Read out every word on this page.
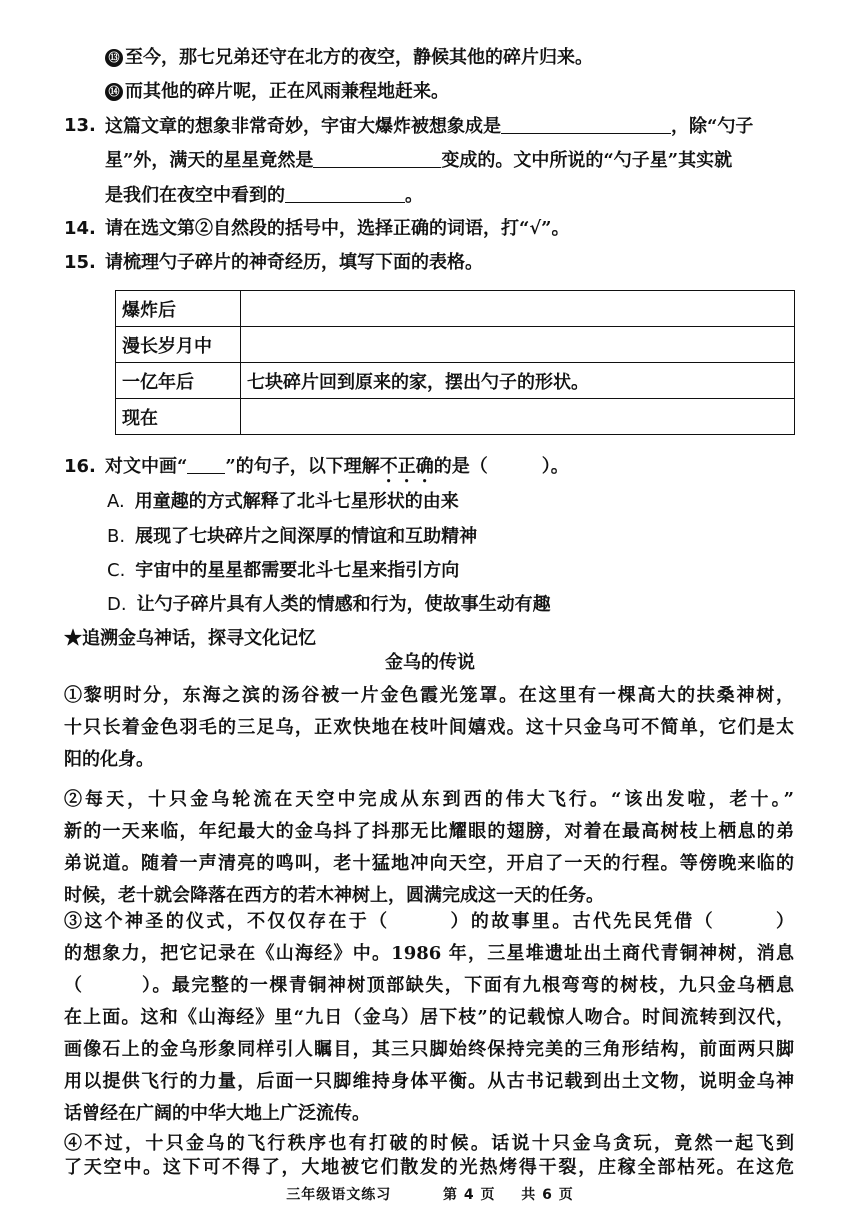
⑬ 至今，那七兄弟还守在北方的夜空，静候其他的碎片归来。
⑭ 而其他的碎片呢，正在风雨兼程地赶来。
13. 这篇文章的想象非常奇妙，宇宙大爆炸被想象成是	，除“勺子
星”外，满天的星星竟然是	变成的。文中所说的“勺子星”其实就
是我们在夜空中看到的	。
14. 请在选文第②自然段的括号中，选择正确的词语，打“√”。
15. 请梳理勺子碎片的神奇经历，填写下面的表格。
爆炸后	
漫长岁月中	
一亿年后	七块碎片回到原来的家，摆出勺子的形状。
现在	
16. 对文中画“ ”的句子，以下理解不正确的是（　　　）。
A. 用童趣的方式解释了北斗七星形状的由来
B. 展现了七块碎片之间深厚的情谊和互助精神
C. 宇宙中的星星都需要北斗七星来指引方向
D. 让勺子碎片具有人类的情感和行为，使故事生动有趣
★追溯金乌神话，探寻文化记忆
金乌的传说
①黎明时分，东海之滨的汤谷被一片金色霞光笼罩。在这里有一棵高大的扶桑神树，
十只长着金色羽毛的三足乌，正欢快地在枝叶间嬉戏。这十只金乌可不简单，它们是太
阳的化身。
②每天，十只金乌轮流在天空中完成从东到西的伟大飞行。“该出发啦，老十。”
新的一天来临，年纪最大的金乌抖了抖那无比耀眼的翅膀，对着在最高树枝上栖息的弟
弟说道。随着一声清亮的鸣叫，老十猛地冲向天空，开启了一天的行程。等傍晚来临的
时候，老十就会降落在西方的若木神树上，圆满完成这一天的任务。
③这个神圣的仪式，不仅仅存在于（　　　）的故事里。古代先民凭借（　　　）
的想象力，把它记录在《山海经》中。1986 年，三星堆遗址出土商代青铜神树，消息
（　　　）。最完整的一棵青铜神树顶部缺失，下面有九根弯弯的树枝，九只金乌栖息
在上面。这和《山海经》里“九日（金乌）居下枝”的记载惊人吻合。时间流转到汉代，
画像石上的金乌形象同样引人瞩目，其三只脚始终保持完美的三角形结构，前面两只脚
用以提供飞行的力量，后面一只脚维持身体平衡。从古书记载到出土文物，说明金乌神
话曾经在广阔的中华大地上广泛流传。
④不过，十只金乌的飞行秩序也有打破的时候。话说十只金乌贪玩，竟然一起飞到
了天空中。这下可不得了，大地被它们散发的光热烤得干裂，庄稼全部枯死。在这危
三年级语文练习	第 4 页 共 6 页
